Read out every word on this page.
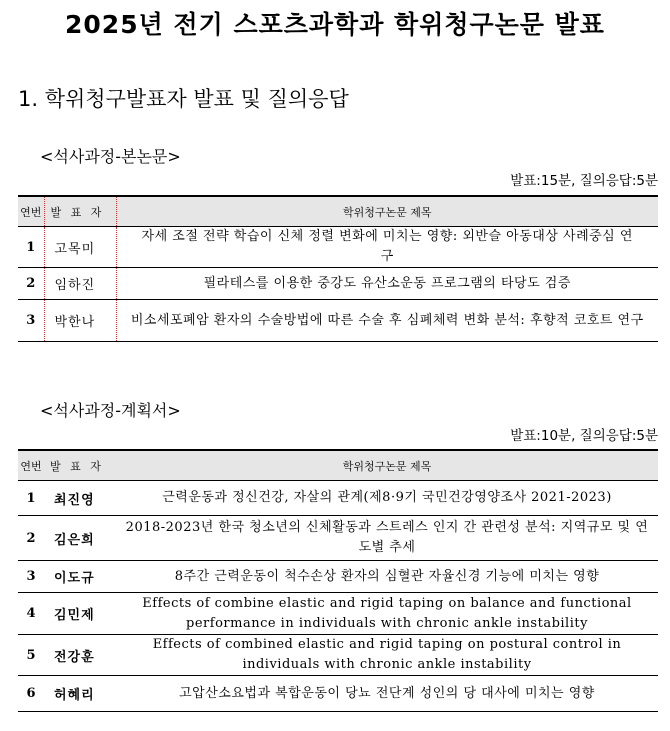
2025년 전기 스포츠과학과 학위청구논문 발표
1. 학위청구발표자 발표 및 질의응답
<석사과정-본논문>
발표:15분, 질의응답:5분
연번	발 표 자	학위청구논문 제목
1	고목미	자세 조절 전략 학습이 신체 정렬 변화에 미치는 영향: 외반슬 아동대상 사례중심 연구
2	임하진	필라테스를 이용한 중강도 유산소운동 프로그램의 타당도 검증
3	박한나	비소세포폐암 환자의 수술방법에 따른 수술 후 심폐체력 변화 분석: 후향적 코호트 연구
<석사과정-계획서>
발표:10분, 질의응답:5분
연번	발 표 자	학위청구논문 제목
1	최진영	근력운동과 정신건강, 자살의 관계(제8·9기 국민건강영양조사 2021-2023)
2	김은희	2018-2023년 한국 청소년의 신체활동과 스트레스 인지 간 관련성 분석: 지역규모 및 연도별 추세
3	이도규	8주간 근력운동이 척수손상 환자의 심혈관 자율신경 기능에 미치는 영향
4	김민제	Effects of combine elastic and rigid taping on balance and functional performance in individuals with chronic ankle instability
5	전강훈	Effects of combined elastic and rigid taping on postural control in individuals with chronic ankle instability
6	허혜리	고압산소요법과 복합운동이 당뇨 전단계 성인의 당 대사에 미치는 영향
